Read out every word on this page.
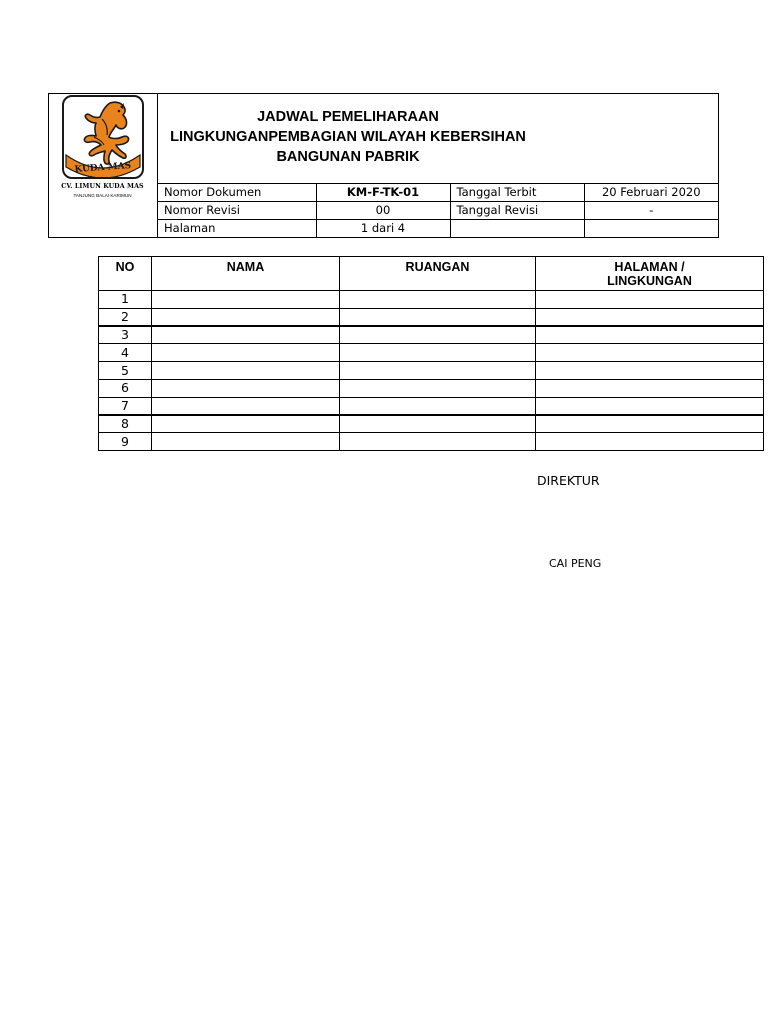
KUDA MAS
CV. LIMUN KUDA MAS
TANJUNG BALAI KARIMUN
JADWAL PEMELIHARAAN
LINGKUNGANPEMBAGIAN WILAYAH KEBERSIHAN
BANGUNAN PABRIK
Nomor Dokumen	KM-F-TK-01	Tanggal Terbit	20 Februari 2020
Nomor Revisi	00	Tanggal Revisi	-
Halaman	1 dari 4		
NO	NAMA	RUANGAN	HALAMAN /
LINGKUNGAN
1			
2			
3			
4			
5			
6			
7			
8			
9			
DIREKTUR
CAI PENG
